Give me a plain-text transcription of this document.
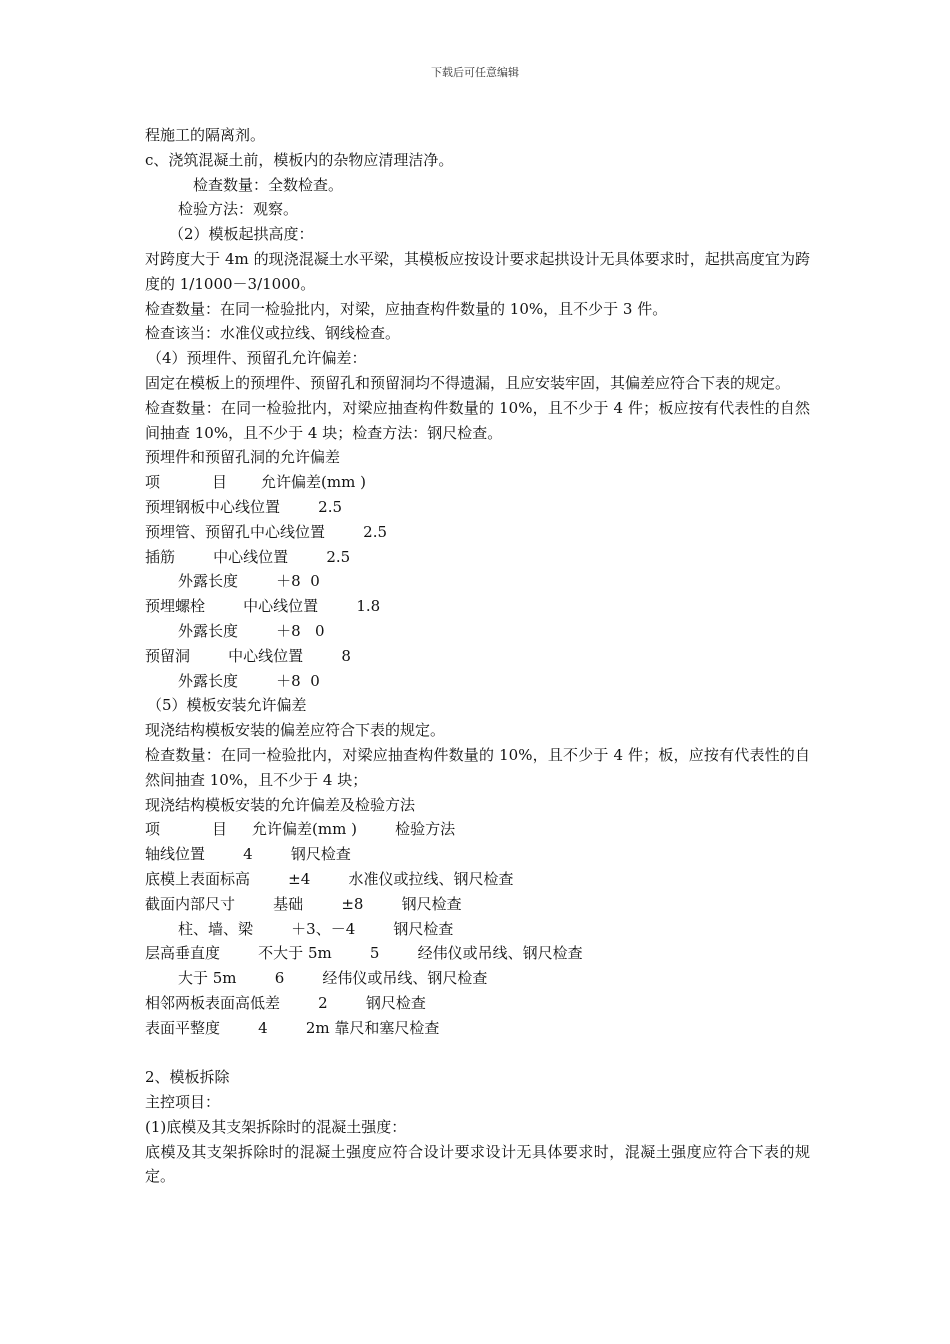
下载后可任意编辑
程施工的隔离剂。
c、浇筑混凝土前，模板内的杂物应清理洁净。
检查数量：全数检查。
检验方法：观察。
（2）模板起拱高度：
对跨度大于 4m 的现浇混凝土水平梁，其模板应按设计要求起拱设计无具体要求时，起拱高度宜为跨度的 1/1000－3/1000。
检查数量：在同一检验批内，对梁，应抽查构件数量的 10%，且不少于 3 件。
检查该当：水准仪或拉线、钢线检查。
（4）预埋件、预留孔允许偏差：
固定在模板上的预埋件、预留孔和预留洞均不得遗漏，且应安装牢固，其偏差应符合下表的规定。
检查数量：在同一检验批内，对梁应抽查构件数量的 10%，且不少于 4 件；板应按有代表性的自然间抽查 10%，且不少于 4 块；检查方法：钢尺检查。
预埋件和预留孔洞的允许偏差
项	目 允许偏差(mm )
预埋钢板中心线位置	2.5
预埋管、预留孔中心线位置	2.5
插筋	中心线位置	2.5
外露长度	＋8  0
预埋螺栓	中心线位置	1.8
外露长度	＋8   0
预留洞	中心线位置	8
外露长度	＋8  0
（5）模板安装允许偏差
现浇结构模板安装的偏差应符合下表的规定。
检查数量：在同一检验批内，对梁应抽查构件数量的 10%，且不少于 4 件；板，应按有代表性的自然间抽查 10%，且不少于 4 块；
现浇结构模板安装的允许偏差及检验方法
项	目 允许偏差(mm )	检验方法
轴线位置	4	钢尺检查
底模上表面标高	±4	水准仪或拉线、钢尺检查
截面内部尺寸	基础	±8	钢尺检查
柱、墙、梁	＋3、－4	钢尺检查
层高垂直度	不大于 5m	5	经伟仪或吊线、钢尺检查
大于 5m	6	经伟仪或吊线、钢尺检查
相邻两板表面高低差	2	钢尺检查
表面平整度	4	2m 靠尺和塞尺检查
2、模板拆除
主控项目：
(1)底模及其支架拆除时的混凝土强度：
底模及其支架拆除时的混凝土强度应符合设计要求设计无具体要求时，混凝土强度应符合下表的规定。
